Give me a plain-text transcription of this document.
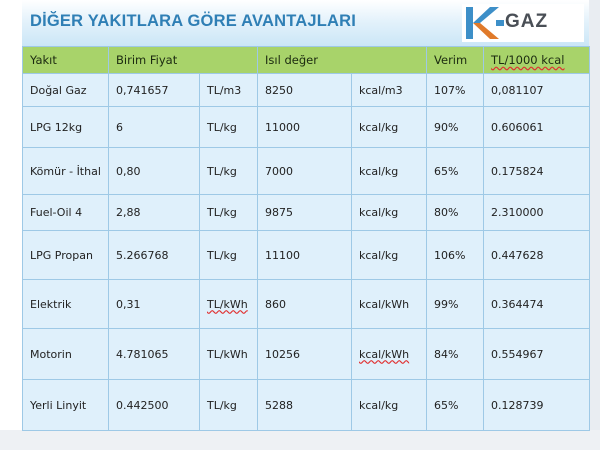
DİĞER YAKITLARA GÖRE AVANTAJLARI	GAZ
Yakıt	Birim Fiyat		Isıl değer		Verim	TL/1000 kcal
Doğal Gaz	0,741657	TL/m3	8250	kcal/m3	107%	0,081107
LPG 12kg	6	TL/kg	11000	kcal/kg	90%	0.606061
Kömür - İthal	0,80	TL/kg	7000	kcal/kg	65%	0.175824
Fuel-Oil 4	2,88	TL/kg	9875	kcal/kg	80%	2.310000
LPG Propan	5.266768	TL/kg	11100	kcal/kg	106%	0.447628
Elektrik	0,31	TL/kWh	860	kcal/kWh	99%	0.364474
Motorin	4.781065	TL/kWh	10256	kcal/kWh	84%	0.554967
Yerli Linyit	0.442500	TL/kg	5288	kcal/kg	65%	0.128739
